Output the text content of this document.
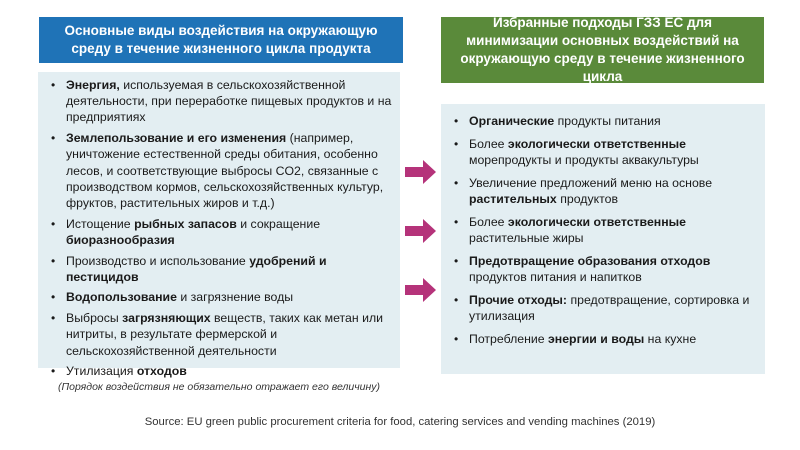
Основные виды воздействия на окружающую среду в течение жизненного цикла продукта
Избранные подходы ГЗЗ ЕС для минимизации основных воздействий на окружающую среду в течение жизненного цикла
• Энергия, используемая в сельскохозяйственной деятельности, при переработке пищевых продуктов и на предприятиях
• Землепользование и его изменения (например, уничтожение естественной среды обитания, особенно лесов, и соответствующие выбросы CO2, связанные с производством кормов, сельскохозяйственных культур, фруктов, растительных жиров и т.д.)
• Истощение рыбных запасов и сокращение биоразнообразия
• Производство и использование удобрений и пестицидов
• Водопользование и загрязнение воды
• Выбросы загрязняющих веществ, таких как метан или нитриты, в результате фермерской и сельскохозяйственной деятельности
• Утилизация отходов
• Органические продукты питания
• Более экологически ответственные морепродукты и продукты аквакультуры
• Увеличение предложений меню на основе растительных продуктов
• Более экологически ответственные растительные жиры
• Предотвращение образования отходов продуктов питания и напитков
• Прочие отходы: предотвращение, сортировка и утилизация
• Потребление энергии и воды на кухне
(Порядок воздействия не обязательно отражает его величину)
Source: EU green public procurement criteria for food, catering services and vending machines (2019)
